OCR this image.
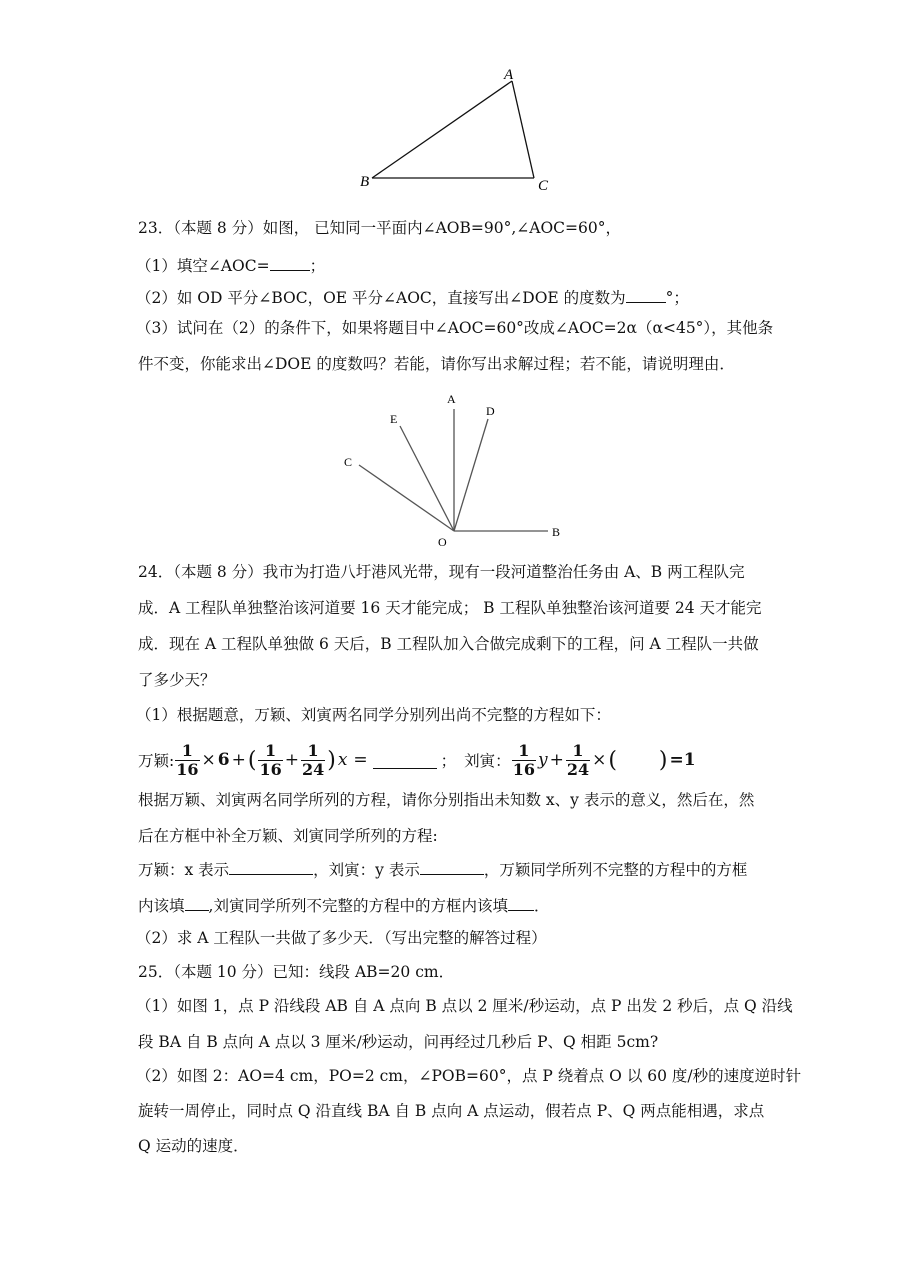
A
B	C
23．（本题 8 分）如图， 已知同一平面内∠AOB=90°,∠AOC=60°，
（1）填空∠AOC=	；
（2）如 OD 平分∠BOC，OE 平分∠AOC，直接写出∠DOE 的度数为	°；
（3）试问在（2）的条件下，如果将题目中∠AOC=60°改成∠AOC=2α（α<45°），其他条
件不变，你能求出∠DOE 的度数吗？若能，请你写出求解过程；若不能，请说明理由．
A
B
C
D
E
O
24．（本题 8 分）我市为打造八圩港风光带，现有一段河道整治任务由 A、B 两工程队完
成．A 工程队单独整治该河道要 16 天才能完成； B 工程队单独整治该河道要 24 天才能完
成．现在 A 工程队单独做 6 天后，B 工程队加入合做完成剩下的工程，问 A 工程队一共做
了多少天？
（1）根据题意，万颖、刘寅两名同学分别列出尚不完整的方程如下：
万颖: $\frac{1}{16} \times 6$ + ( $\frac{1}{16} + \frac{1}{24}$ ) x =	； 刘寅： $\frac{1}{16}$ $y + \frac{1}{24}$ × ( ) =1
根据万颖、刘寅两名同学所列的方程，请你分别指出未知数 x、y 表示的意义，然后在，然
后在方框中补全万颖、刘寅同学所列的方程:
万颖：x 表示	，刘寅：y 表示	，万颖同学所列不完整的方程中的方框
内该填 ,刘寅同学所列不完整的方程中的方框内该填 ．
（2）求 A 工程队一共做了多少天．（写出完整的解答过程）
25．（本题 10 分）已知：线段 AB=20 cm．
（1）如图 1，点 P 沿线段 AB 自 A 点向 B 点以 2 厘米/秒运动，点 P 出发 2 秒后，点 Q 沿线
段 BA 自 B 点向 A 点以 3 厘米/秒运动，问再经过几秒后 P、Q 相距 5cm?
（2）如图 2：AO=4 cm，PO=2 cm，∠POB=60°，点 P 绕着点 O 以 60 度/秒的速度逆时针
旋转一周停止，同时点 Q 沿直线 BA 自 B 点向 A 点运动，假若点 P、Q 两点能相遇，求点
Q 运动的速度．
